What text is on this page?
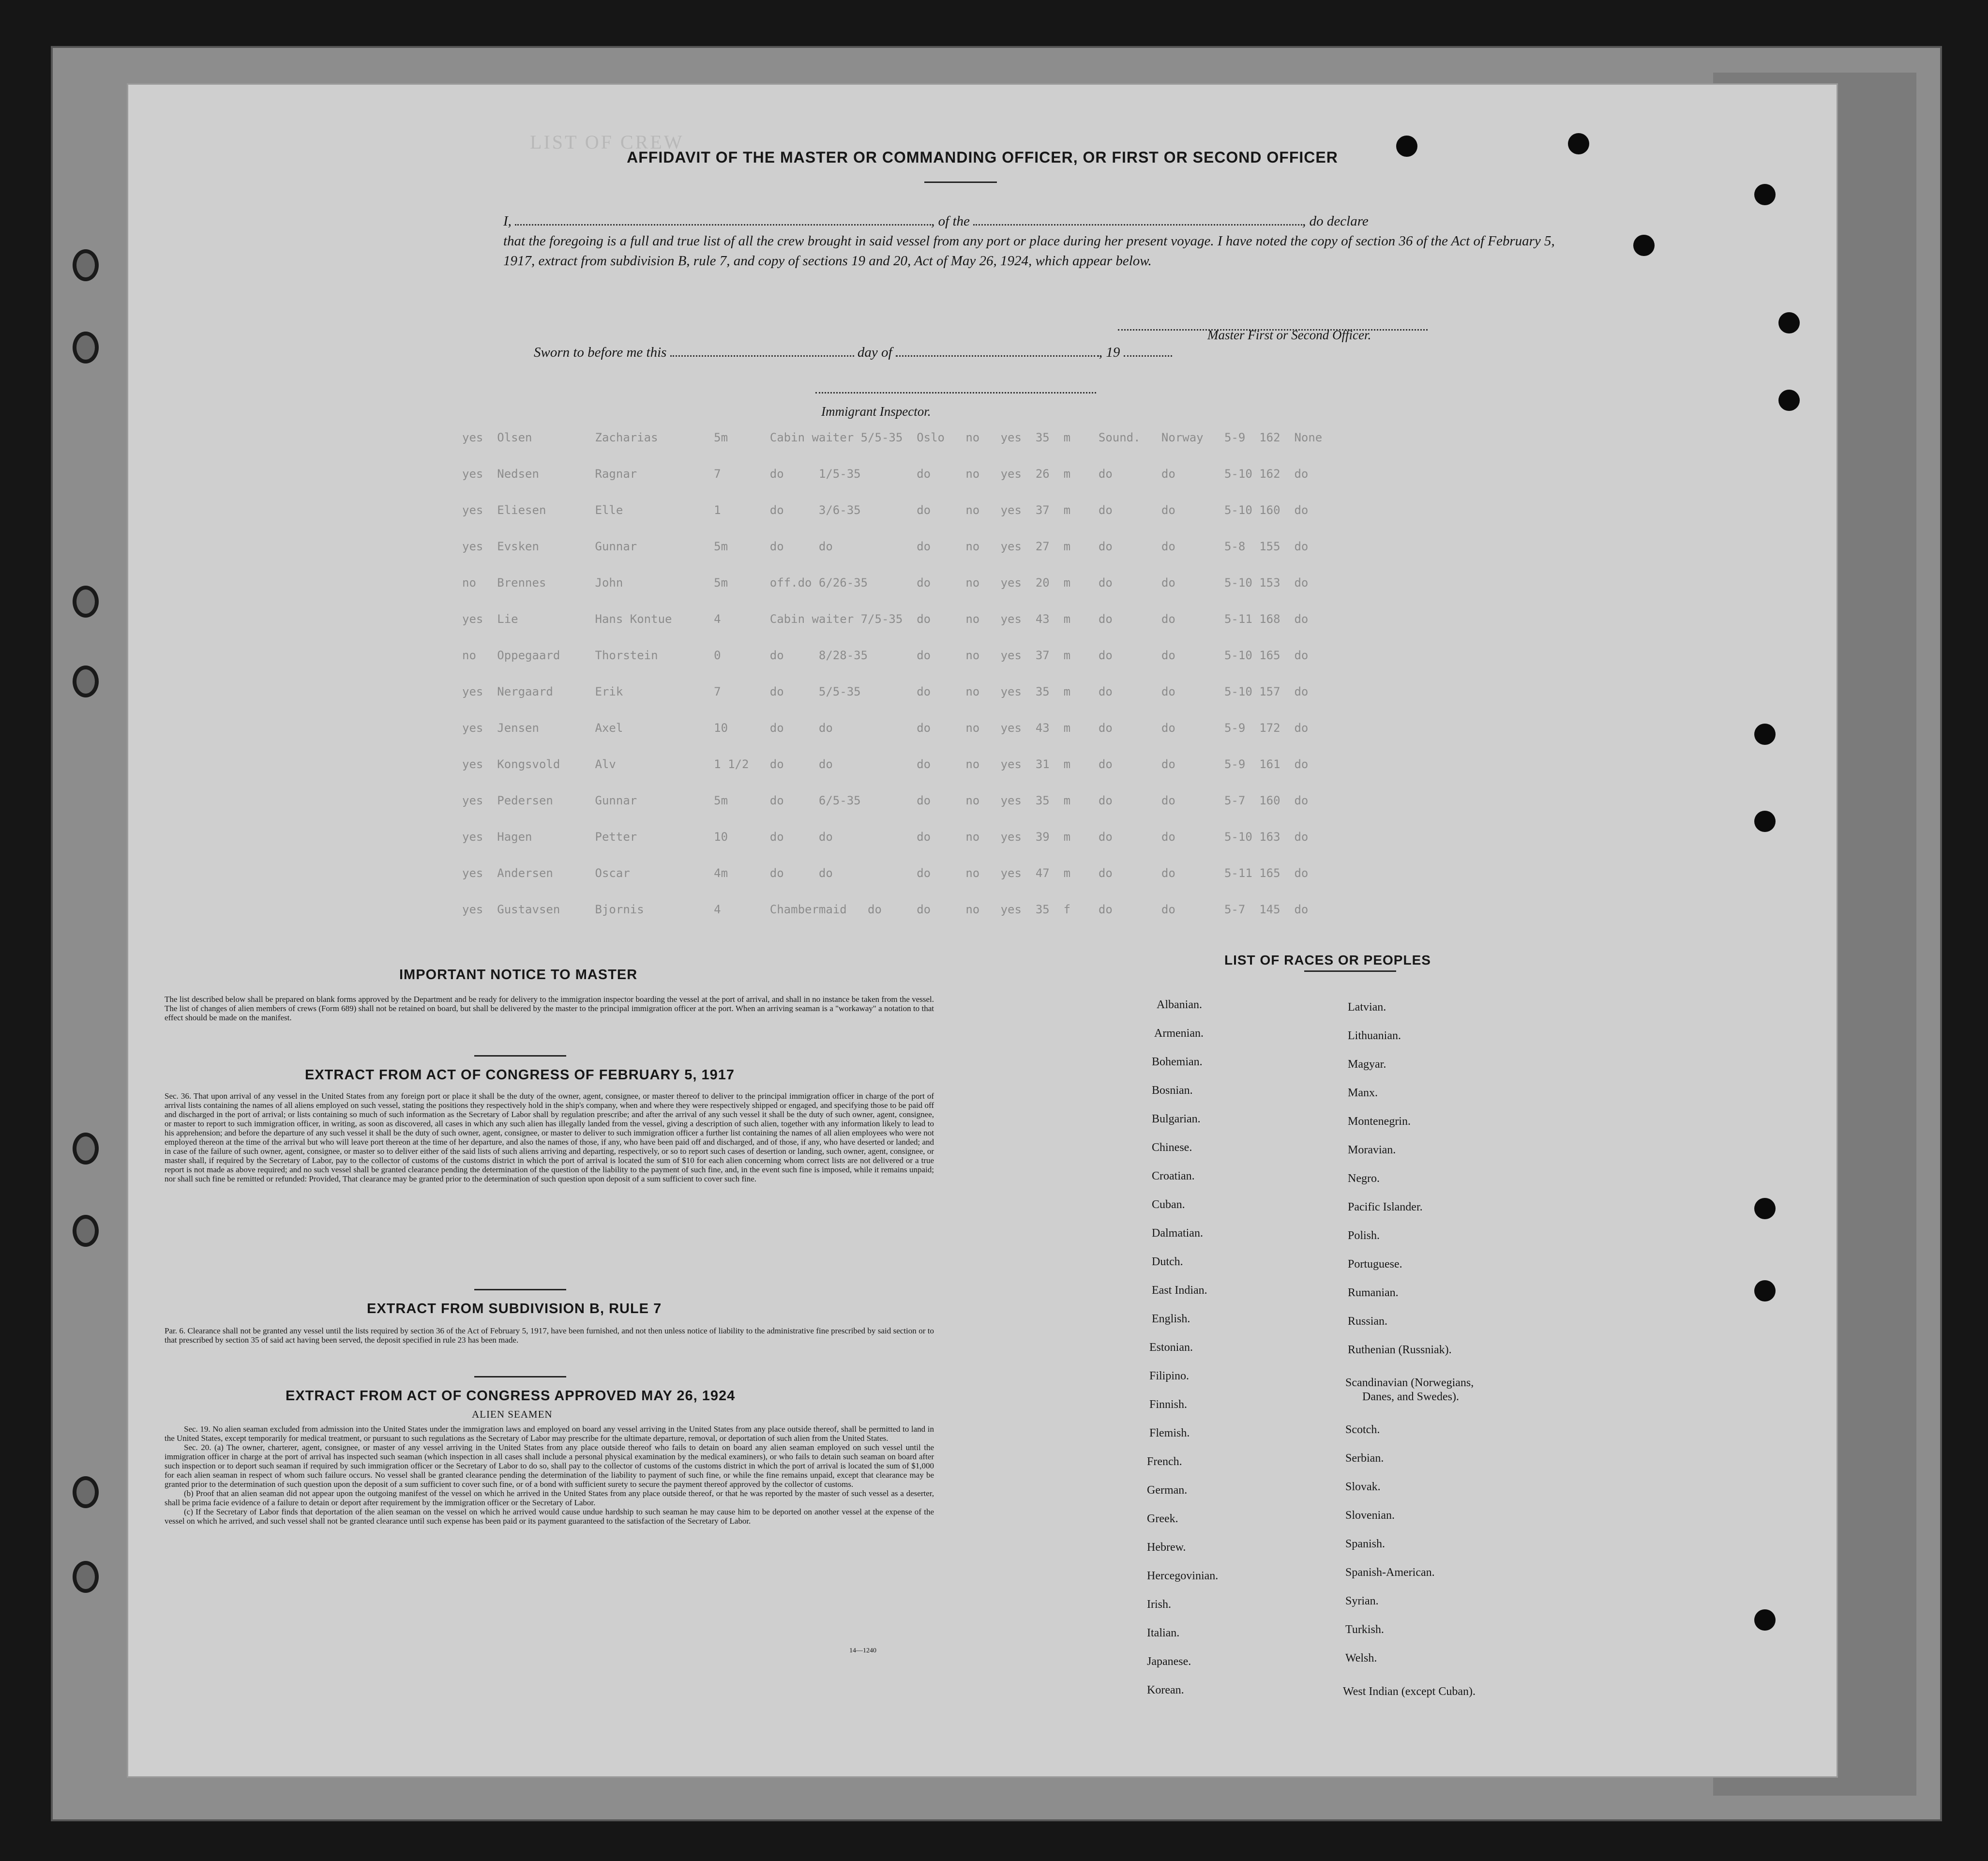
LIST OF CREW
AFFIDAVIT OF THE MASTER OR COMMANDING OFFICER, OR FIRST OR SECOND OFFICER
I,	, of the	, do declare
that the foregoing is a full and true list of all the crew brought in said vessel from any port or place during her present voyage. I have noted the copy of section 36 of the Act of February 5, 1917, extract from subdivision B, rule 7, and copy of sections 19 and 20, Act of May 26, 1924, which appear below.
Master First or Second Officer.
Sworn to before me this	day of	, 19
Immigrant Inspector.
yes  Olsen         Zacharias        5m      Cabin waiter 5/5-35  Oslo   no   yes  35  m    Sound.   Norway   5-9  162  None
yes  Nedsen        Ragnar           7       do     1/5-35        do     no   yes  26  m    do       do       5-10 162  do
yes  Eliesen       Elle             1       do     3/6-35        do     no   yes  37  m    do       do       5-10 160  do
yes  Evsken        Gunnar           5m      do     do            do     no   yes  27  m    do       do       5-8  155  do
no   Brennes       John             5m      off.do 6/26-35       do     no   yes  20  m    do       do       5-10 153  do
yes  Lie           Hans Kontue      4       Cabin waiter 7/5-35  do     no   yes  43  m    do       do       5-11 168  do
no   Oppegaard     Thorstein        0       do     8/28-35       do     no   yes  37  m    do       do       5-10 165  do
yes  Nergaard      Erik             7       do     5/5-35        do     no   yes  35  m    do       do       5-10 157  do
yes  Jensen        Axel             10      do     do            do     no   yes  43  m    do       do       5-9  172  do
yes  Kongsvold     Alv              1 1/2   do     do            do     no   yes  31  m    do       do       5-9  161  do
yes  Pedersen      Gunnar           5m      do     6/5-35        do     no   yes  35  m    do       do       5-7  160  do
yes  Hagen         Petter           10      do     do            do     no   yes  39  m    do       do       5-10 163  do
yes  Andersen      Oscar            4m      do     do            do     no   yes  47  m    do       do       5-11 165  do
yes  Gustavsen     Bjornis          4       Chambermaid   do     do     no   yes  35  f    do       do       5-7  145  do
IMPORTANT NOTICE TO MASTER
The list described below shall be prepared on blank forms approved by the Department and be ready for delivery to the immigration inspector boarding the vessel at the port of arrival, and shall in no instance be taken from the vessel. The list of changes of alien members of crews (Form 689) shall not be retained on board, but shall be delivered by the master to the principal immigration officer at the port. When an arriving seaman is a "workaway" a notation to that effect should be made on the manifest.
EXTRACT FROM ACT OF CONGRESS OF FEBRUARY 5, 1917
Sec. 36. That upon arrival of any vessel in the United States from any foreign port or place it shall be the duty of the owner, agent, consignee, or master thereof to deliver to the principal immigration officer in charge of the port of arrival lists containing the names of all aliens employed on such vessel, stating the positions they respectively hold in the ship's company, when and where they were respectively shipped or engaged, and specifying those to be paid off and discharged in the port of arrival; or lists containing so much of such information as the Secretary of Labor shall by regulation prescribe; and after the arrival of any such vessel it shall be the duty of such owner, agent, consignee, or master to report to such immigration officer, in writing, as soon as discovered, all cases in which any such alien has illegally landed from the vessel, giving a description of such alien, together with any information likely to lead to his apprehension; and before the departure of any such vessel it shall be the duty of such owner, agent, consignee, or master to deliver to such immigration officer a further list containing the names of all alien employees who were not employed thereon at the time of the arrival but who will leave port thereon at the time of her departure, and also the names of those, if any, who have been paid off and discharged, and of those, if any, who have deserted or landed; and in case of the failure of such owner, agent, consignee, or master so to deliver either of the said lists of such aliens arriving and departing, respectively, or so to report such cases of desertion or landing, such owner, agent, consignee, or master shall, if required by the Secretary of Labor, pay to the collector of customs of the customs district in which the port of arrival is located the sum of $10 for each alien concerning whom correct lists are not delivered or a true report is not made as above required; and no such vessel shall be granted clearance pending the determination of the question of the liability to the payment of such fine, and, in the event such fine is imposed, while it remains unpaid; nor shall such fine be remitted or refunded: Provided, That clearance may be granted prior to the determination of such question upon deposit of a sum sufficient to cover such fine.
EXTRACT FROM SUBDIVISION B, RULE 7
Par. 6. Clearance shall not be granted any vessel until the lists required by section 36 of the Act of February 5, 1917, have been furnished, and not then unless notice of liability to the administrative fine prescribed by said section or to that prescribed by section 35 of said act having been served, the deposit specified in rule 23 has been made.
EXTRACT FROM ACT OF CONGRESS APPROVED MAY 26, 1924
ALIEN SEAMEN
Sec. 19. No alien seaman excluded from admission into the United States under the immigration laws and employed on board any vessel arriving in the United States from any place outside thereof, shall be permitted to land in the United States, except temporarily for medical treatment, or pursuant to such regulations as the Secretary of Labor may prescribe for the ultimate departure, removal, or deportation of such alien from the United States.
Sec. 20. (a) The owner, charterer, agent, consignee, or master of any vessel arriving in the United States from any place outside thereof who fails to detain on board any alien seaman employed on such vessel until the immigration officer in charge at the port of arrival has inspected such seaman (which inspection in all cases shall include a personal physical examination by the medical examiners), or who fails to detain such seaman on board after such inspection or to deport such seaman if required by such immigration officer or the Secretary of Labor to do so, shall pay to the collector of customs of the customs district in which the port of arrival is located the sum of $1,000 for each alien seaman in respect of whom such failure occurs. No vessel shall be granted clearance pending the determination of the liability to payment of such fine, or while the fine remains unpaid, except that clearance may be granted prior to the determination of such question upon the deposit of a sum sufficient to cover such fine, or of a bond with sufficient surety to secure the payment thereof approved by the collector of customs.
(b) Proof that an alien seaman did not appear upon the outgoing manifest of the vessel on which he arrived in the United States from any place outside thereof, or that he was reported by the master of such vessel as a deserter, shall be prima facie evidence of a failure to detain or deport after requirement by the immigration officer or the Secretary of Labor.
(c) If the Secretary of Labor finds that deportation of the alien seaman on the vessel on which he arrived would cause undue hardship to such seaman he may cause him to be deported on another vessel at the expense of the vessel on which he arrived, and such vessel shall not be granted clearance until such expense has been paid or its payment guaranteed to the satisfaction of the Secretary of Labor.
14—1240
LIST OF RACES OR PEOPLES
Albanian.
Armenian.
Bohemian.
Bosnian.
Bulgarian.
Chinese.
Croatian.
Cuban.
Dalmatian.
Dutch.
East Indian.
English.
Estonian.
Filipino.
Finnish.
Flemish.
French.
German.
Greek.
Hebrew.
Hercegovinian.
Irish.
Italian.
Japanese.
Korean.
Latvian.
Lithuanian.
Magyar.
Manx.
Montenegrin.
Moravian.
Negro.
Pacific Islander.
Polish.
Portuguese.
Rumanian.
Russian.
Ruthenian (Russniak).
Scandinavian (Norwegians,
Danes, and Swedes).
Scotch.
Serbian.
Slovak.
Slovenian.
Spanish.
Spanish-American.
Syrian.
Turkish.
Welsh.
West Indian (except Cuban).
